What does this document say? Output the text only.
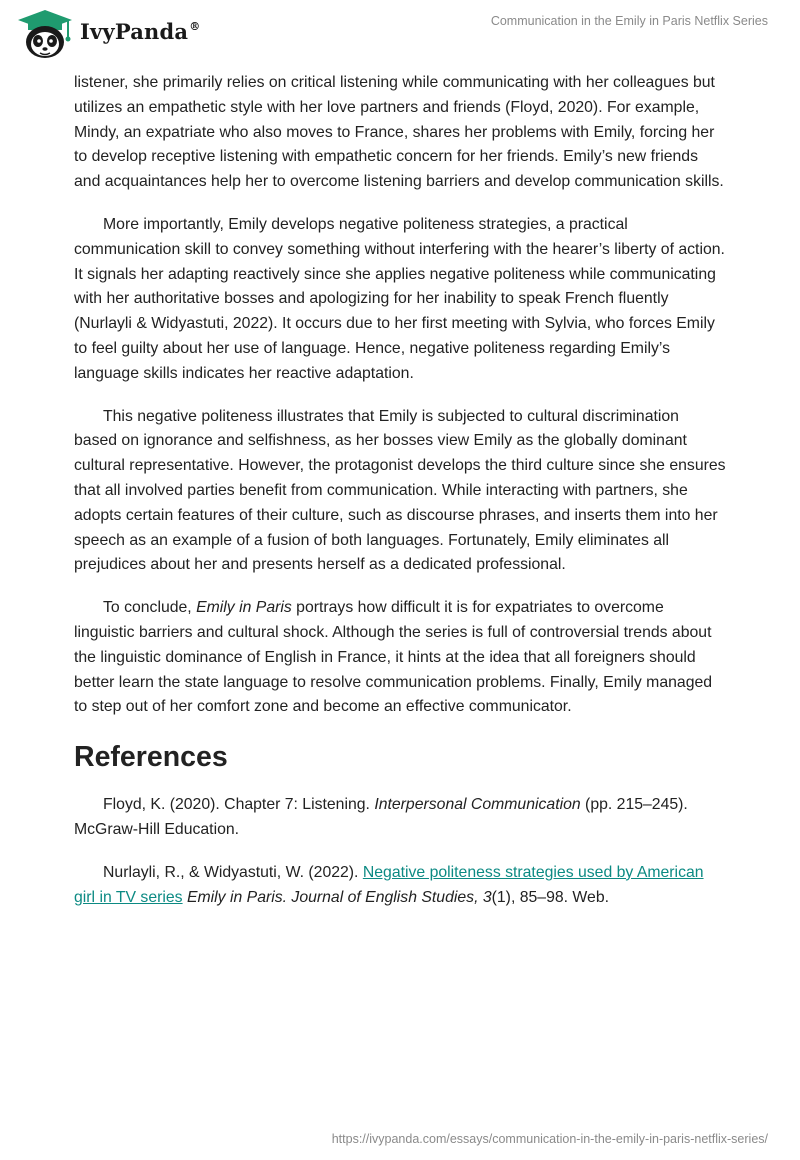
IvyPanda®	Communication in the Emily in Paris Netflix Series

listener, she primarily relies on critical listening while communicating with her colleagues but utilizes an empathetic style with her love partners and friends (Floyd, 2020). For example, Mindy, an expatriate who also moves to France, shares her problems with Emily, forcing her to develop receptive listening with empathetic concern for her friends. Emily’s new friends and acquaintances help her to overcome listening barriers and develop communication skills.

More importantly, Emily develops negative politeness strategies, a practical communication skill to convey something without interfering with the hearer’s liberty of action. It signals her adapting reactively since she applies negative politeness while communicating with her authoritative bosses and apologizing for her inability to speak French fluently (Nurlayli & Widyastuti, 2022). It occurs due to her first meeting with Sylvia, who forces Emily to feel guilty about her use of language. Hence, negative politeness regarding Emily’s language skills indicates her reactive adaptation.

This negative politeness illustrates that Emily is subjected to cultural discrimination based on ignorance and selfishness, as her bosses view Emily as the globally dominant cultural representative. However, the protagonist develops the third culture since she ensures that all involved parties benefit from communication. While interacting with partners, she adopts certain features of their culture, such as discourse phrases, and inserts them into her speech as an example of a fusion of both languages. Fortunately, Emily eliminates all prejudices about her and presents herself as a dedicated professional.

To conclude, Emily in Paris portrays how difficult it is for expatriates to overcome linguistic barriers and cultural shock. Although the series is full of controversial trends about the linguistic dominance of English in France, it hints at the idea that all foreigners should better learn the state language to resolve communication problems. Finally, Emily managed to step out of her comfort zone and become an effective communicator.

References

Floyd, K. (2020). Chapter 7: Listening. Interpersonal Communication (pp. 215–245). McGraw-Hill Education.

Nurlayli, R., & Widyastuti, W. (2022). Negative politeness strategies used by American girl in TV series Emily in Paris. Journal of English Studies, 3(1), 85–98. Web.

https://ivypanda.com/essays/communication-in-the-emily-in-paris-netflix-series/
